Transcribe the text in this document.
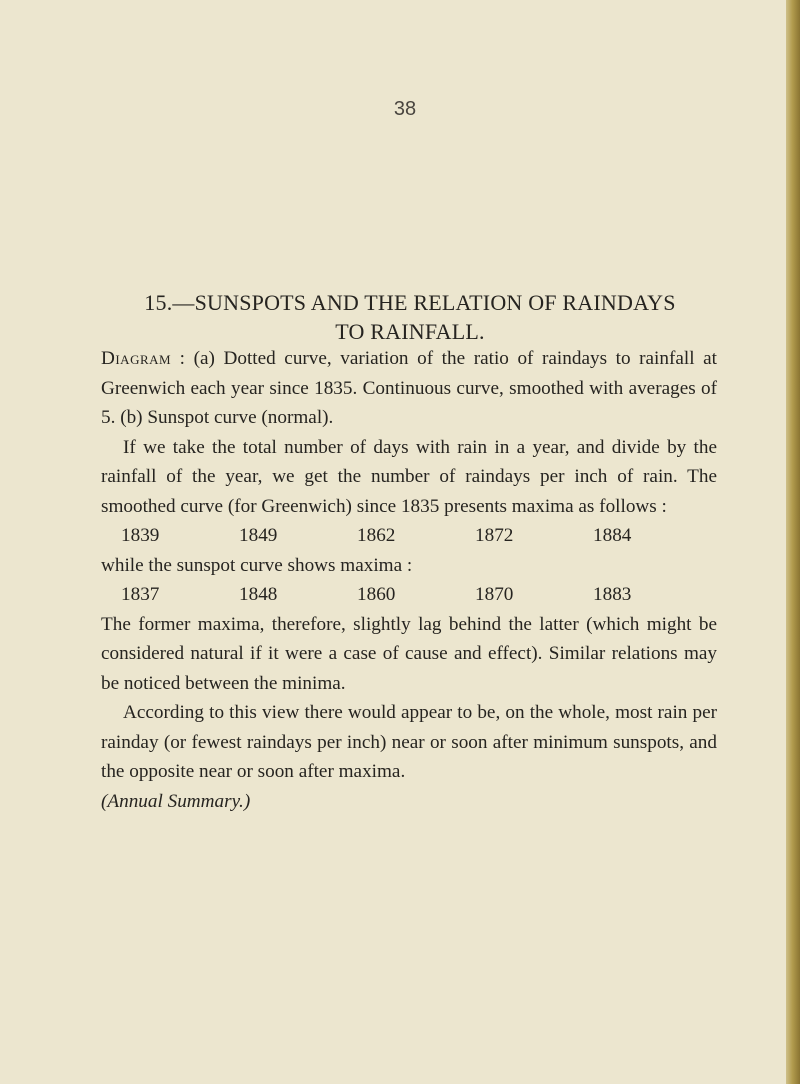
38
15.—SUNSPOTS AND THE RELATION OF RAINDAYS
TO RAINFALL.

Diagram : (a) Dotted curve, variation of the ratio of raindays to rainfall at Greenwich each year since 1835. Continuous curve, smoothed with averages of 5. (b) Sunspot curve (normal).

If we take the total number of days with rain in a year, and divide by the rainfall of the year, we get the number of raindays per inch of rain. The smoothed curve (for Greenwich) since 1835 presents maxima as follows :

1839	1849	1862	1872	1884

while the sunspot curve shows maxima :

1837	1848	1860	1870	1883

The former maxima, therefore, slightly lag behind the latter (which might be considered natural if it were a case of cause and effect). Similar relations may be noticed between the minima.

According to this view there would appear to be, on the whole, most rain per rainday (or fewest raindays per inch) near or soon after minimum sunspots, and the opposite near or soon after maxima.

(Annual Summary.)
